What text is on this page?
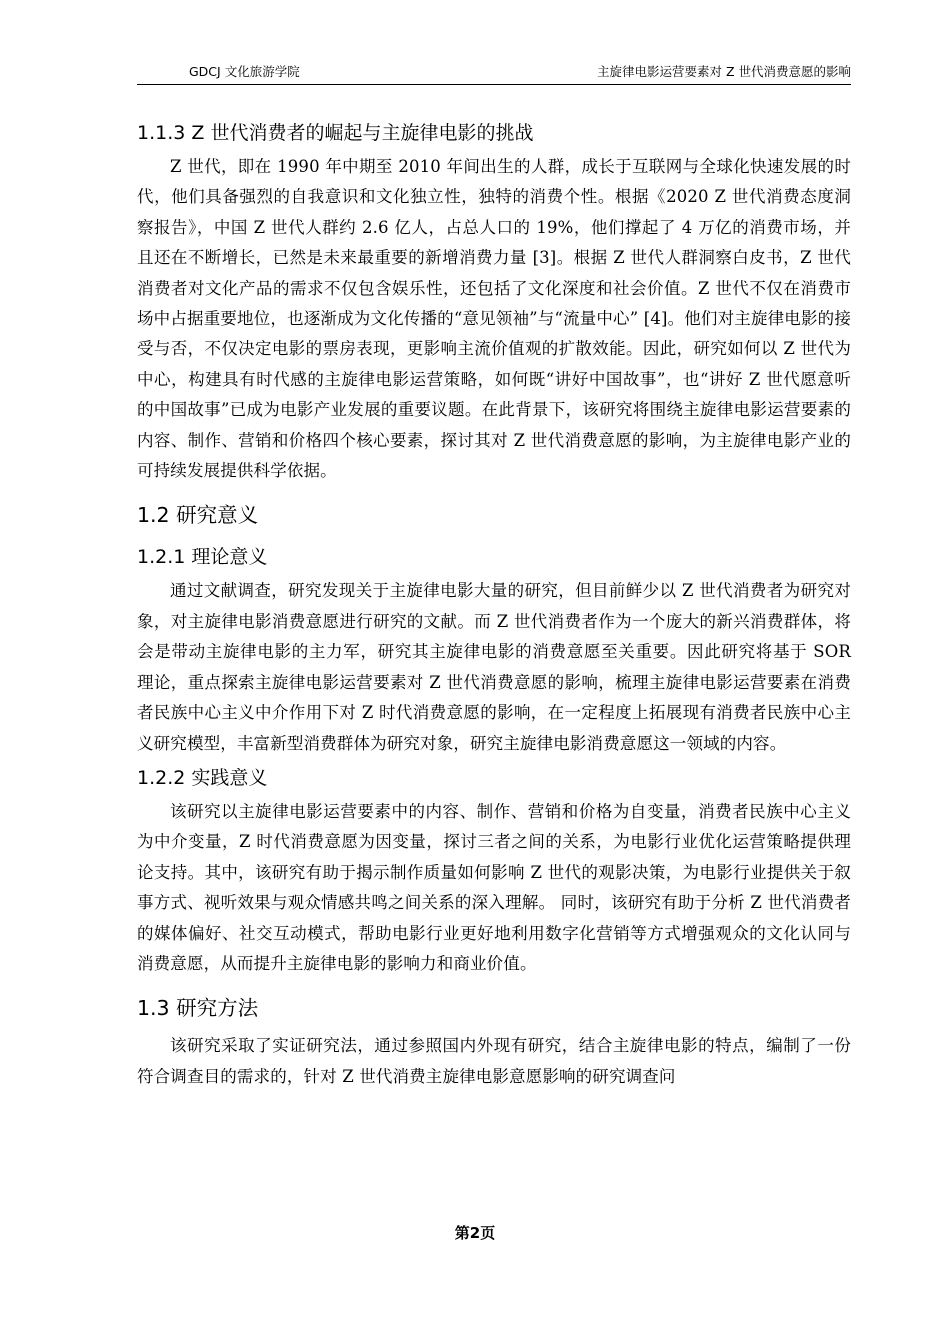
GDCJ 文化旅游学院	主旋律电影运营要素对 Z 世代消费意愿的影响
1.1.3 Z 世代消费者的崛起与主旋律电影的挑战

Z 世代，即在 1990 年中期至 2010 年间出生的人群，成长于互联网与全球化快速发展的时代，他们具备强烈的自我意识和文化独立性，独特的消费个性。根据《2020 Z 世代消费态度洞察报告》，中国 Z 世代人群约 2.6 亿人，占总人口的 19%，他们撑起了 4 万亿的消费市场，并且还在不断增长，已然是未来最重要的新增消费力量 [3]。根据 Z 世代人群洞察白皮书，Z 世代消费者对文化产品的需求不仅包含娱乐性，还包括了文化深度和社会价值。Z 世代不仅在消费市场中占据重要地位，也逐渐成为文化传播的“意见领袖”与“流量中心” [4]。他们对主旋律电影的接受与否，不仅决定电影的票房表现，更影响主流价值观的扩散效能。因此，研究如何以 Z 世代为中心，构建具有时代感的主旋律电影运营策略，如何既“讲好中国故事”，也“讲好 Z 世代愿意听的中国故事”已成为电影产业发展的重要议题。在此背景下，该研究将围绕主旋律电影运营要素的内容、制作、营销和价格四个核心要素，探讨其对 Z 世代消费意愿的影响，为主旋律电影产业的可持续发展提供科学依据。

1.2 研究意义
1.2.1 理论意义

通过文献调查，研究发现关于主旋律电影大量的研究，但目前鲜少以 Z 世代消费者为研究对象，对主旋律电影消费意愿进行研究的文献。而 Z 世代消费者作为一个庞大的新兴消费群体，将会是带动主旋律电影的主力军，研究其主旋律电影的消费意愿至关重要。因此研究将基于 SOR 理论，重点探索主旋律电影运营要素对 Z 世代消费意愿的影响，梳理主旋律电影运营要素在消费者民族中心主义中介作用下对 Z 时代消费意愿的影响，在一定程度上拓展现有消费者民族中心主义研究模型，丰富新型消费群体为研究对象，研究主旋律电影消费意愿这一领域的内容。

1.2.2 实践意义

该研究以主旋律电影运营要素中的内容、制作、营销和价格为自变量，消费者民族中心主义为中介变量，Z 时代消费意愿为因变量，探讨三者之间的关系，为电影行业优化运营策略提供理论支持。其中，该研究有助于揭示制作质量如何影响 Z 世代的观影决策，为电影行业提供关于叙事方式、视听效果与观众情感共鸣之间关系的深入理解。 同时，该研究有助于分析 Z 世代消费者的媒体偏好、社交互动模式，帮助电影行业更好地利用数字化营销等方式增强观众的文化认同与消费意愿，从而提升主旋律电影的影响力和商业价值。

1.3 研究方法

该研究采取了实证研究法，通过参照国内外现有研究，结合主旋律电影的特点，编制了一份符合调查目的需求的，针对 Z 世代消费主旋律电影意愿影响的研究调查问

第2页
